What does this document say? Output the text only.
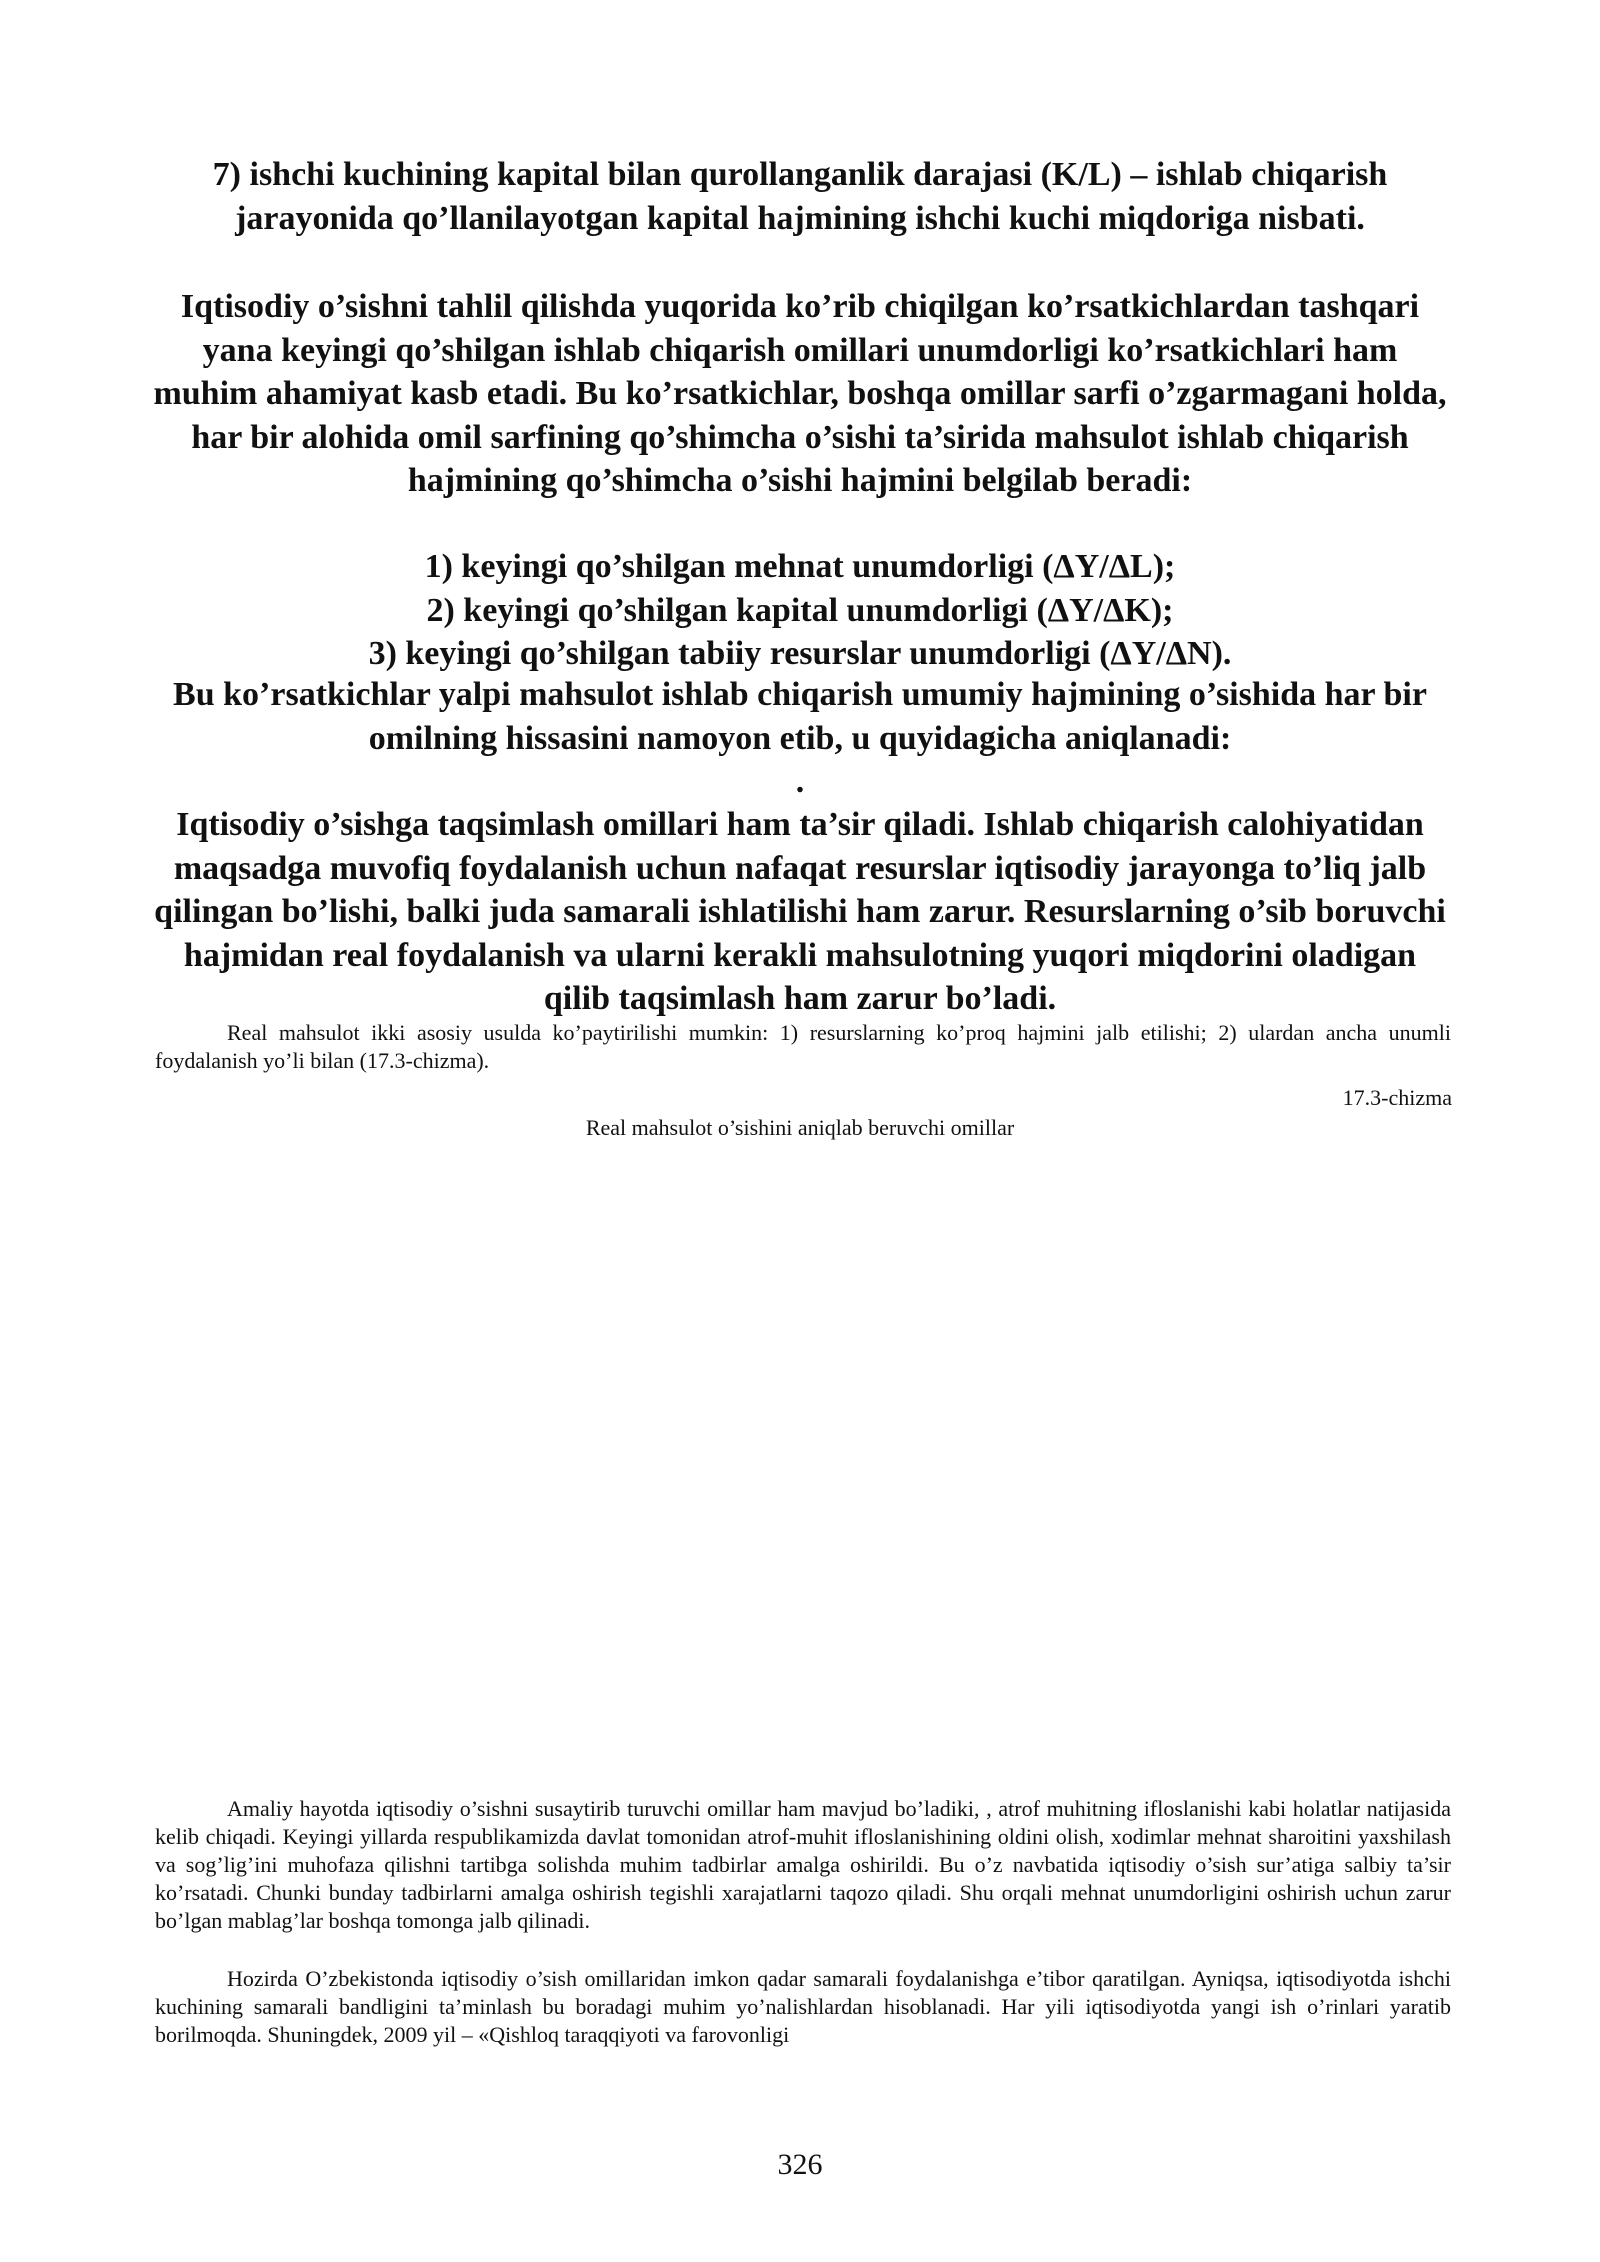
7) ishchi kuchining kapital bilan qurollanganlik darajasi (K/L) – ishlab chiqarish jarayonida qo’llanilayotgan kapital hajmining ishchi kuchi miqdoriga nisbati.

Iqtisodiy o’sishni tahlil qilishda yuqorida ko’rib chiqilgan ko’rsatkichlardan tashqari yana keyingi qo’shilgan ishlab chiqarish omillari unumdorligi ko’rsatkichlari ham muhim ahamiyat kasb etadi. Bu ko’rsatkichlar, boshqa omillar sarfi o’zgarmagani holda, har bir alohida omil sarfining qo’shimcha o’sishi ta’sirida mahsulot ishlab chiqarish hajmining qo’shimcha o’sishi hajmini belgilab beradi:

1) keyingi qo’shilgan mehnat unumdorligi (ΔY/ΔL);

2) keyingi qo’shilgan kapital unumdorligi (ΔY/ΔK);

3) keyingi qo’shilgan tabiiy resurslar unumdorligi (ΔY/ΔN).

Bu ko’rsatkichlar yalpi mahsulot ishlab chiqarish umumiy hajmining o’sishida har bir omilning hissasini namoyon etib, u quyidagicha aniqlanadi:

.

Iqtisodiy o’sishga taqsimlash omillari ham ta’sir qiladi. Ishlab chiqarish calohiyatidan maqsadga muvofiq foydalanish uchun nafaqat resurslar iqtisodiy jarayonga to’liq jalb qilingan bo’lishi, balki juda samarali ishlatilishi ham zarur. Resurslarning o’sib boruvchi hajmidan real foydalanish va ularni kerakli mahsulotning yuqori miqdorini oladigan qilib taqsimlash ham zarur bo’ladi.

Real mahsulot ikki asosiy usulda ko’paytirilishi mumkin: 1) resurslarning ko’proq hajmini jalb etilishi; 2) ulardan ancha unumli foydalanish yo’li bilan (17.3-chizma).

17.3-chizma
Real mahsulot o’sishini aniqlab beruvchi omillar

Amaliy hayotda iqtisodiy o’sishni susaytirib turuvchi omillar ham mavjud bo’ladiki, , atrof muhitning ifloslanishi kabi holatlar natijasida kelib chiqadi. Keyingi yillarda respublikamizda davlat tomonidan atrof-muhit ifloslanishining oldini olish, xodimlar mehnat sharoitini yaxshilash va sog’lig’ini muhofaza qilishni tartibga solishda muhim tadbirlar amalga oshirildi. Bu o’z navbatida iqtisodiy o’sish sur’atiga salbiy ta’sir ko’rsatadi. Chunki bunday tadbirlarni amalga oshirish tegishli xarajatlarni taqozo qiladi. Shu orqali mehnat unumdorligini oshirish uchun zarur bo’lgan mablag’lar boshqa tomonga jalb qilinadi.

Hozirda O’zbekistonda iqtisodiy o’sish omillaridan imkon qadar samarali foydalanishga e’tibor qaratilgan. Ayniqsa, iqtisodiyotda ishchi kuchining samarali bandligini ta’minlash bu boradagi muhim yo’nalishlardan hisoblanadi. Har yili iqtisodiyotda yangi ish o’rinlari yaratib borilmoqda. Shuningdek, 2009 yil – «Qishloq taraqqiyoti va farovonligi

326
